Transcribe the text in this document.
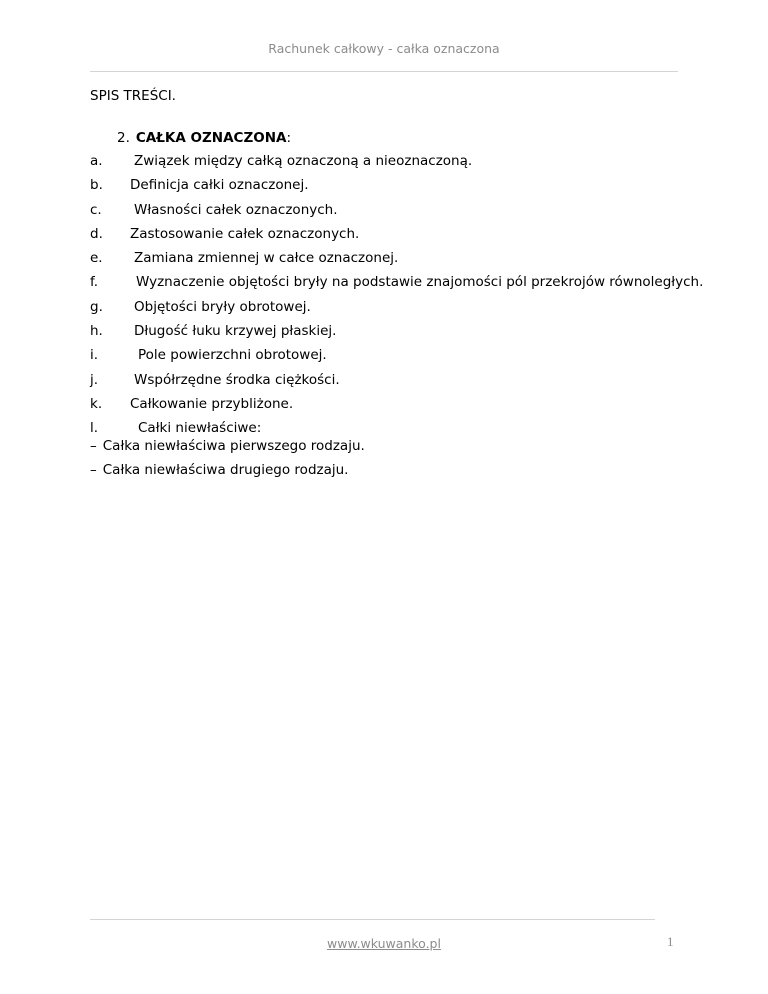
Rachunek całkowy - całka oznaczona
SPIS TREŚCI.
2. CAŁKA OZNACZONA:
a. Związek między całką oznaczoną a nieoznaczoną.
b. Definicja całki oznaczonej.
c. Własności całek oznaczonych.
d. Zastosowanie całek oznaczonych.
e. Zamiana zmiennej w całce oznaczonej.
f.	Wyznaczenie objętości bryły na podstawie znajomości pól przekrojów równoległych.
g. Objętości bryły obrotowej.
h. Długość łuku krzywej płaskiej.
i.	Pole powierzchni obrotowej.
j.	Współrzędne środka ciężkości.
k. Całkowanie przybliżone.
l.	Całki niewłaściwe:
– Całka niewłaściwa pierwszego rodzaju.
– Całka niewłaściwa drugiego rodzaju.
www.wkuwanko.pl	1
